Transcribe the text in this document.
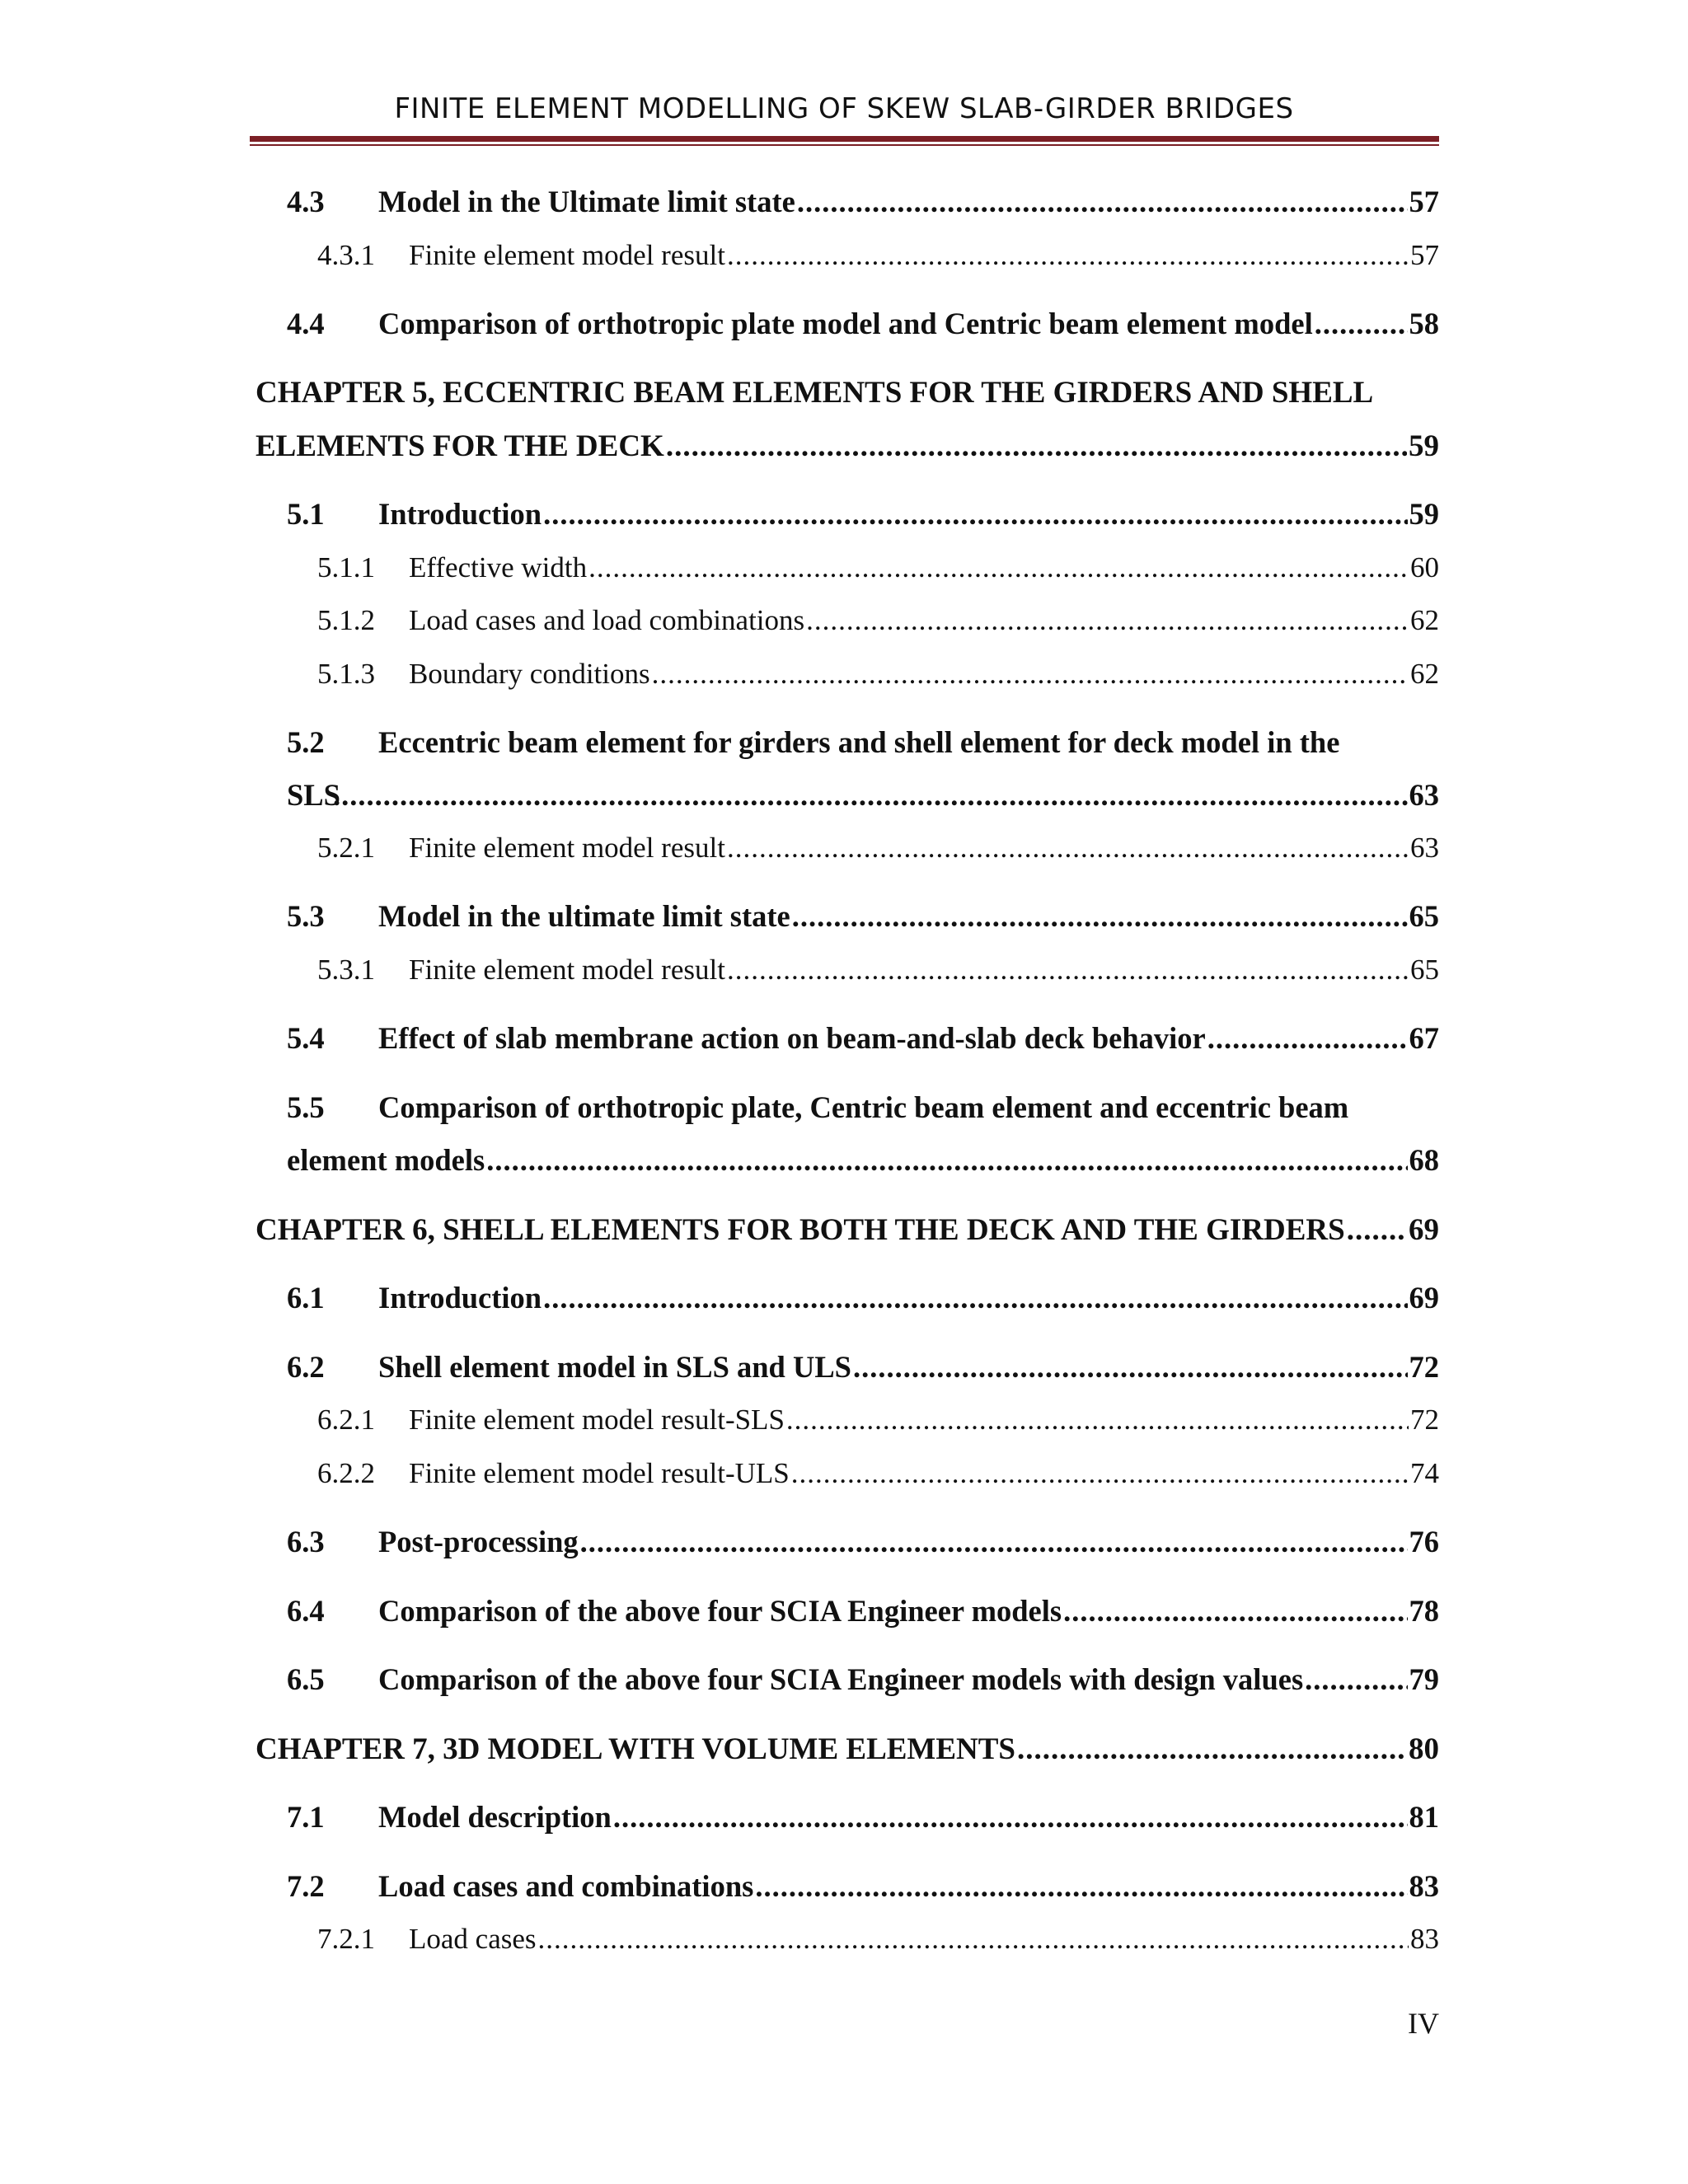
FINITE ELEMENT MODELLING OF SKEW SLAB-GIRDER BRIDGES
4.3	Model in the Ultimate limit state .....	57
4.3.1	Finite element model result .....	57
4.4	Comparison of orthotropic plate model and Centric beam element model .....	58
CHAPTER 5, ECCENTRIC BEAM ELEMENTS FOR THE GIRDERS AND SHELL
ELEMENTS FOR THE DECK .....	59
5.1	Introduction .....	59
5.1.1	Effective width .....	60
5.1.2	Load cases and load combinations .....	62
5.1.3	Boundary conditions .....	62
5.2 Eccentric beam element for girders and shell element for deck model in the
SLS .....	63
5.2.1	Finite element model result .....	63
5.3	Model in the ultimate limit state .....	65
5.3.1	Finite element model result .....	65
5.4	Effect of slab membrane action on beam-and-slab deck behavior .....	67
5.5 Comparison of orthotropic plate, Centric beam element and eccentric beam
element models .....	68
CHAPTER 6, SHELL ELEMENTS FOR BOTH THE DECK AND THE GIRDERS ..... 69
6.1	Introduction .....	69
6.2	Shell element model in SLS and ULS .....	72
6.2.1	Finite element model result-SLS .....	72
6.2.2	Finite element model result-ULS .....	74
6.3	Post-processing .....	76
6.4	Comparison of the above four SCIA Engineer models .....	78
6.5	Comparison of the above four SCIA Engineer models with design values .....	79
CHAPTER 7, 3D MODEL WITH VOLUME ELEMENTS .....	80
7.1	Model description .....	81
7.2	Load cases and combinations .....	83
7.2.1	Load cases .....	83
IV
